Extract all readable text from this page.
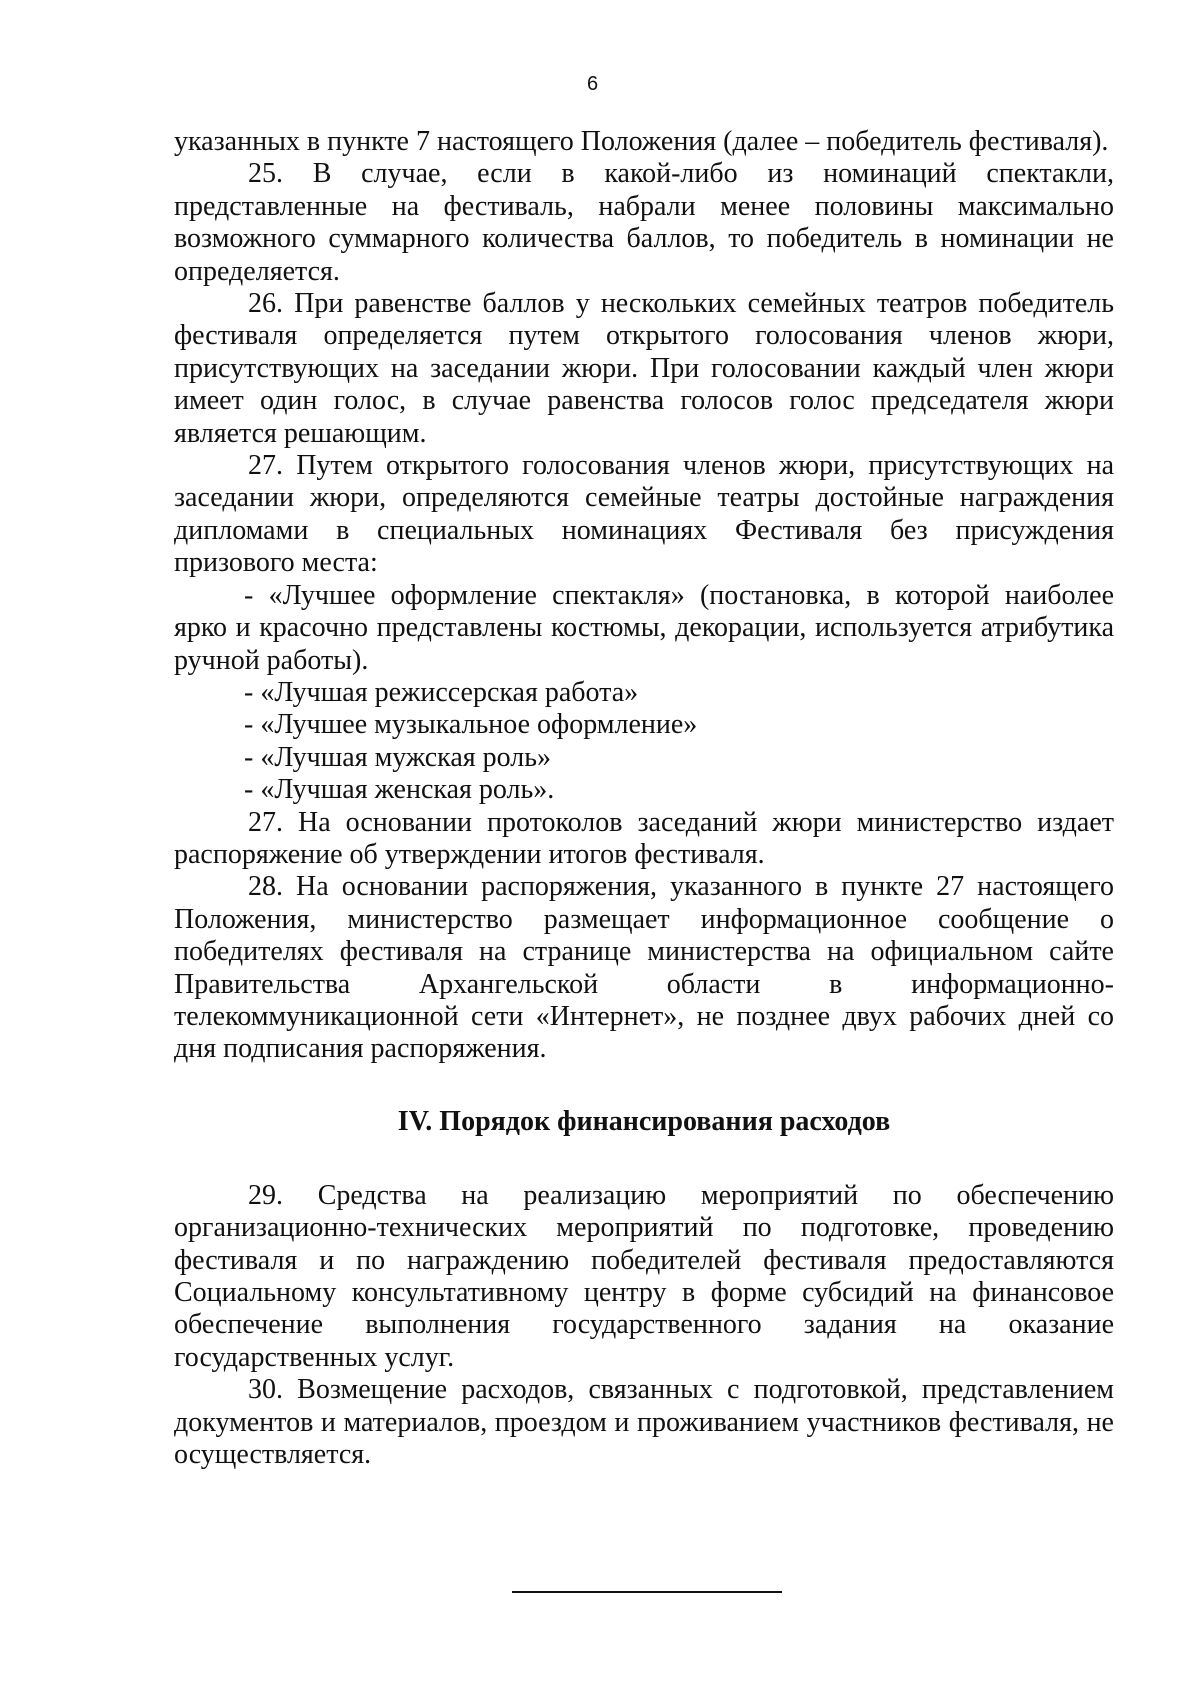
6

указанных в пункте 7 настоящего Положения (далее – победитель фестиваля).

25. В случае, если в какой-либо из номинаций спектакли, представленные на фестиваль, набрали менее половины максимально возможного суммарного количества баллов, то победитель в номинации не определяется.

26. При равенстве баллов у нескольких семейных театров победитель фестиваля определяется путем открытого голосования членов жюри, присутствующих на заседании жюри. При голосовании каждый член жюри имеет один голос, в случае равенства голосов голос председателя жюри является решающим.

27. Путем открытого голосования членов жюри, присутствующих на заседании жюри, определяются семейные театры достойные награждения дипломами в специальных номинациях Фестиваля без присуждения призового места:

- «Лучшее оформление спектакля» (постановка, в которой наиболее ярко и красочно представлены костюмы, декорации, используется атрибутика ручной работы).

- «Лучшая режиссерская работа»

- «Лучшее музыкальное оформление»

- «Лучшая мужская роль»

- «Лучшая женская роль».

27. На основании протоколов заседаний жюри министерство издает распоряжение об утверждении итогов фестиваля.

28. На основании распоряжения, указанного в пункте 27 настоящего Положения, министерство размещает информационное сообщение о победителях фестиваля на странице министерства на официальном сайте Правительства Архангельской области в информационно-телекоммуникационной сети «Интернет», не позднее двух рабочих дней со дня подписания распоряжения.

IV. Порядок финансирования расходов

29. Средства на реализацию мероприятий по обеспечению организационно-технических мероприятий по подготовке, проведению фестиваля и по награждению победителей фестиваля предоставляются Социальному консультативному центру в форме субсидий на финансовое обеспечение выполнения государственного задания на оказание государственных услуг.

30. Возмещение расходов, связанных с подготовкой, представлением документов и материалов, проездом и проживанием участников фестиваля, не осуществляется.
